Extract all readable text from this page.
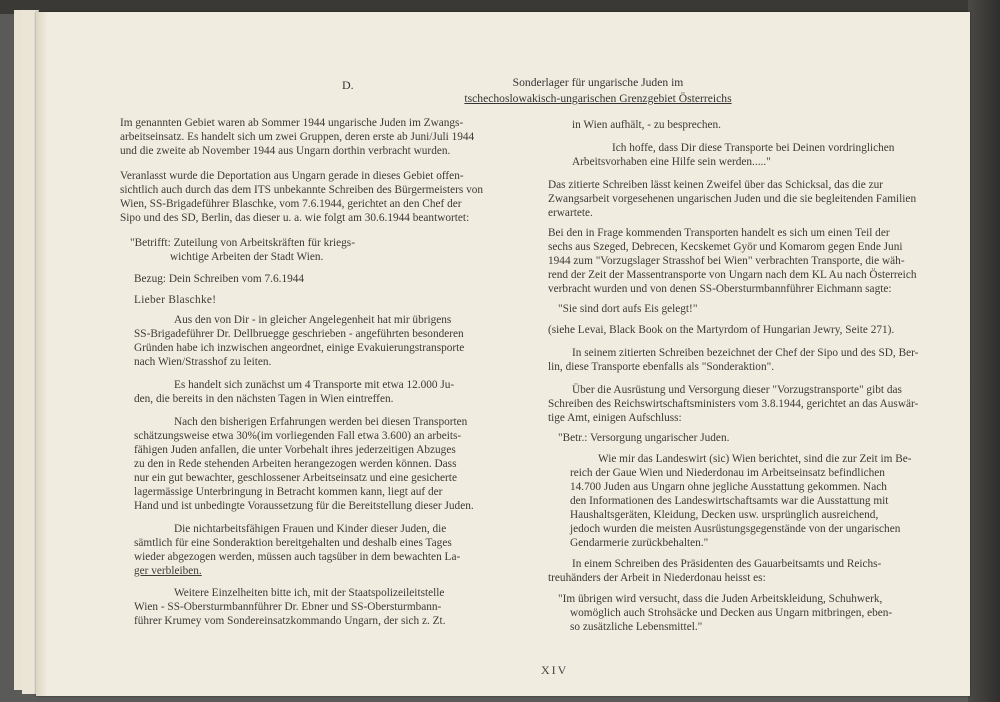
D.	Sonderlager für ungarische Juden im
tschechoslowakisch-ungarischen Grenzgebiet Österreichs
Im genannten Gebiet waren ab Sommer 1944 ungarische Juden im Zwangs-
arbeitseinsatz. Es handelt sich um zwei Gruppen, deren erste ab Juni/Juli 1944
und die zweite ab November 1944 aus Ungarn dorthin verbracht wurden.
Veranlasst wurde die Deportation aus Ungarn gerade in dieses Gebiet offen-
sichtlich auch durch das dem ITS unbekannte Schreiben des Bürgermeisters von
Wien, SS-Brigadeführer Blaschke, vom 7.6.1944, gerichtet an den Chef der
Sipo und des SD, Berlin, das dieser u. a. wie folgt am 30.6.1944 beantwortet:
"Betrifft: Zuteilung von Arbeitskräften für kriegs-
wichtige Arbeiten der Stadt Wien.
Bezug: Dein Schreiben vom 7.6.1944
Lieber Blaschke!
Aus den von Dir - in gleicher Angelegenheit hat mir übrigens
SS-Brigadeführer Dr. Dellbruegge geschrieben - angeführten besonderen
Gründen habe ich inzwischen angeordnet, einige Evakuierungstransporte
nach Wien/Strasshof zu leiten.
Es handelt sich zunächst um 4 Transporte mit etwa 12.000 Ju-
den, die bereits in den nächsten Tagen in Wien eintreffen.
Nach den bisherigen Erfahrungen werden bei diesen Transporten
schätzungsweise etwa 30%(im vorliegenden Fall etwa 3.600) an arbeits-
fähigen Juden anfallen, die unter Vorbehalt ihres jederzeitigen Abzuges
zu den in Rede stehenden Arbeiten herangezogen werden können. Dass
nur ein gut bewachter, geschlossener Arbeitseinsatz und eine gesicherte
lagermässige Unterbringung in Betracht kommen kann, liegt auf der
Hand und ist unbedingte Voraussetzung für die Bereitstellung dieser Juden.
Die nichtarbeitsfähigen Frauen und Kinder dieser Juden, die
sämtlich für eine Sonderaktion bereitgehalten und deshalb eines Tages
wieder abgezogen werden, müssen auch tagsüber in dem bewachten La-
ger verbleiben.
Weitere Einzelheiten bitte ich, mit der Staatspolizeileitstelle
Wien - SS-Obersturmbannführer Dr. Ebner und SS-Obersturmbann-
führer Krumey vom Sondereinsatzkommando Ungarn, der sich z. Zt.
in Wien aufhält, - zu besprechen.
Ich hoffe, dass Dir diese Transporte bei Deinen vordringlichen
Arbeitsvorhaben eine Hilfe sein werden....."
Das zitierte Schreiben lässt keinen Zweifel über das Schicksal, das die zur
Zwangsarbeit vorgesehenen ungarischen Juden und die sie begleitenden Familien
erwartete.
Bei den in Frage kommenden Transporten handelt es sich um einen Teil der
sechs aus Szeged, Debrecen, Kecskemet Györ und Komarom gegen Ende Juni
1944 zum "Vorzugslager Strasshof bei Wien" verbrachten Transporte, die wäh-
rend der Zeit der Massentransporte von Ungarn nach dem KL Au nach Österreich
verbracht wurden und von denen SS-Obersturmbannführer Eichmann sagte:
"Sie sind dort aufs Eis gelegt!"
(siehe Levai, Black Book on the Martyrdom of Hungarian Jewry, Seite 271).
In seinem zitierten Schreiben bezeichnet der Chef der Sipo und des SD, Ber-
lin, diese Transporte ebenfalls als "Sonderaktion".
Über die Ausrüstung und Versorgung dieser "Vorzugstransporte" gibt das
Schreiben des Reichswirtschaftsministers vom 3.8.1944, gerichtet an das Auswär-
tige Amt, einigen Aufschluss:
"Betr.: Versorgung ungarischer Juden.
Wie mir das Landeswirt (sic) Wien berichtet, sind die zur Zeit im Be-
reich der Gaue Wien und Niederdonau im Arbeitseinsatz befindlichen
14.700 Juden aus Ungarn ohne jegliche Ausstattung gekommen. Nach
den Informationen des Landeswirtschaftsamts war die Ausstattung mit
Haushaltsgeräten, Kleidung, Decken usw. ursprünglich ausreichend,
jedoch wurden die meisten Ausrüstungsgegenstände von der ungarischen
Gendarmerie zurückbehalten."
In einem Schreiben des Präsidenten des Gauarbeitsamts und Reichs-
treuhänders der Arbeit in Niederdonau heisst es:
"Im übrigen wird versucht, dass die Juden Arbeitskleidung, Schuhwerk,
womöglich auch Strohsäcke und Decken aus Ungarn mitbringen, eben-
so zusätzliche Lebensmittel."
XIV
